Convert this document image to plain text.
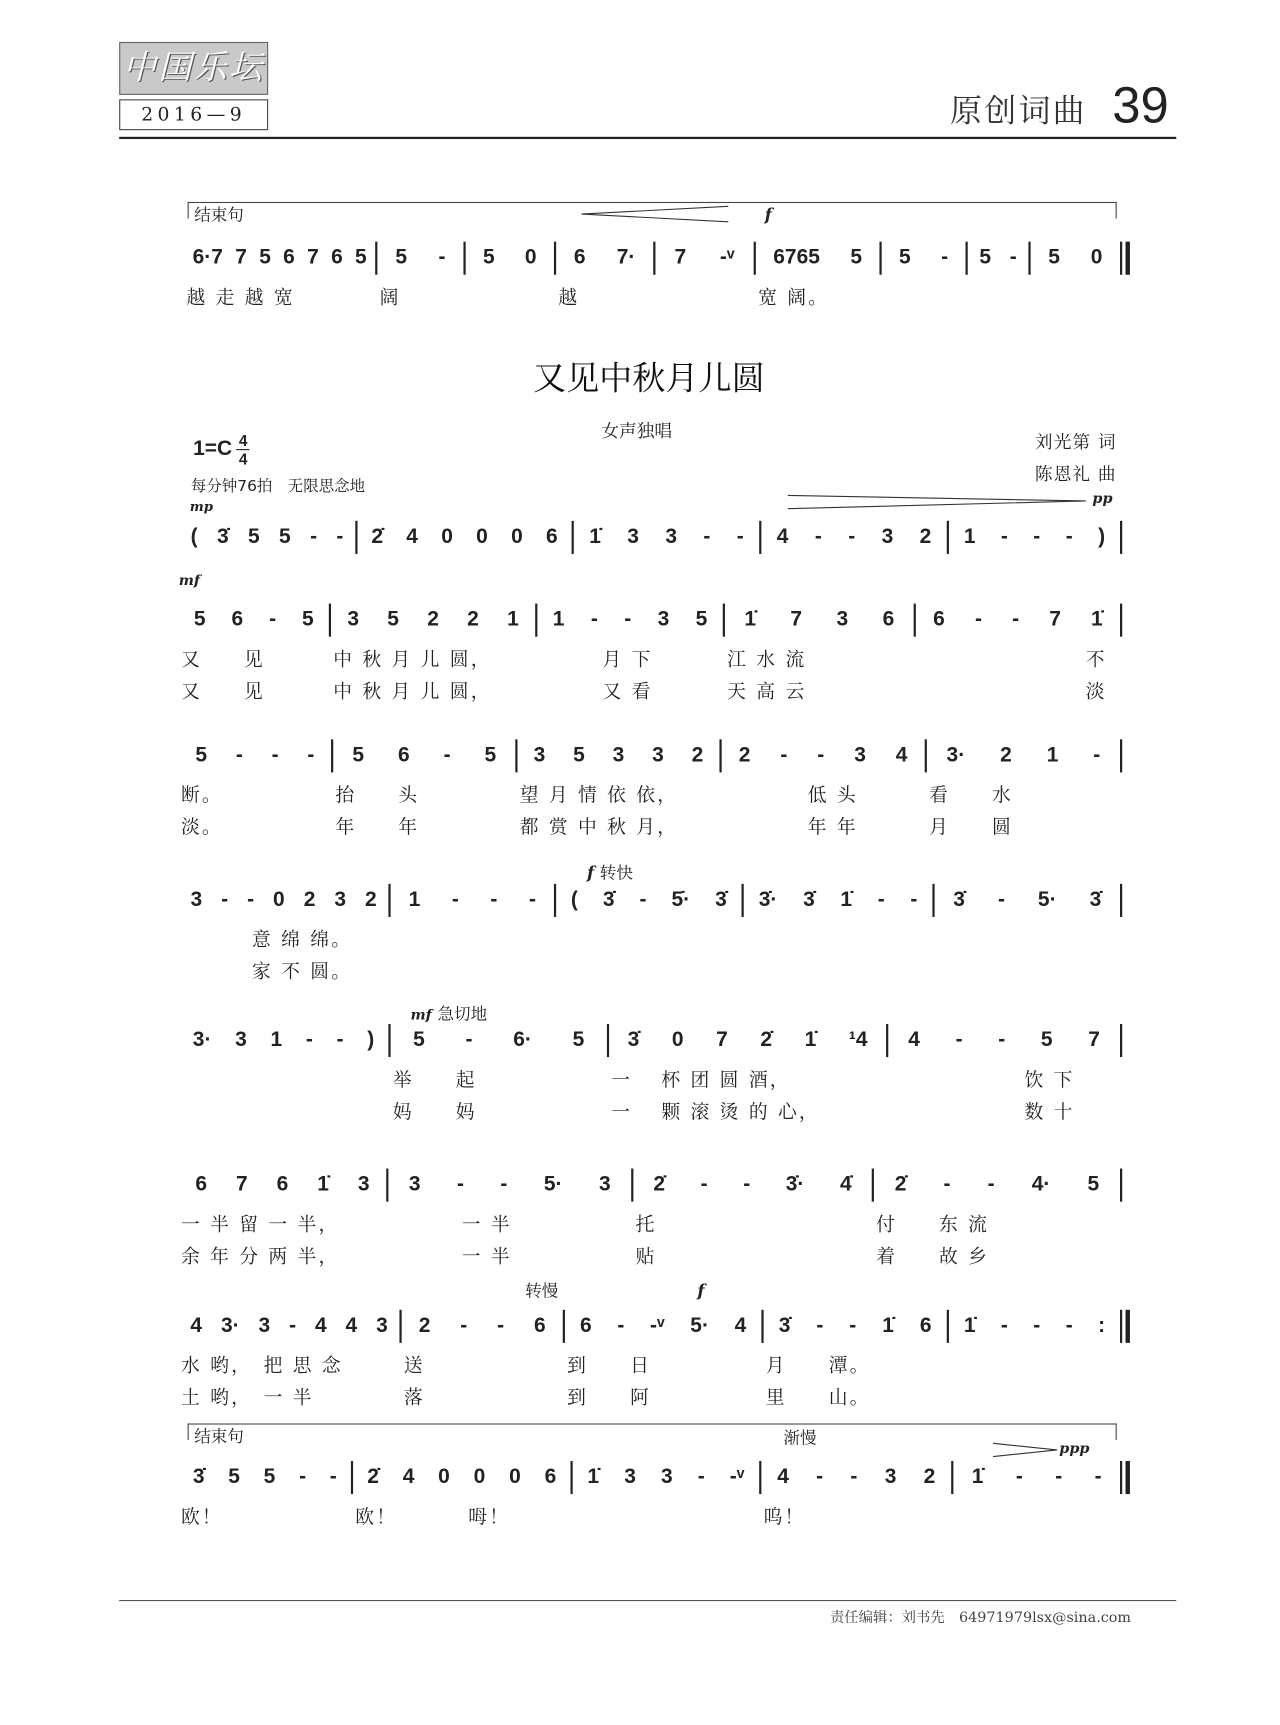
中国乐坛
2016—9	原创词曲 39
结束句	f
又见中秋月儿圆
女声独唱
$1=C \frac{4}{4}$
每分钟76拍　无限思念地
刘光第 词
陈恩礼 曲
mp	pp
mf
f 转快
mf 急切地
转慢	f
结束句	渐慢
ppp
6·7 7 5 6 7 6 5
越 走 越 宽
5 -
阔
5 0 6 7·
越
7 -ᵛ 6765 5
宽 阔。
5 - 5 - 5 0
( 3̇ 5 5 - - 2̇ 4 0 0 0 6 1̇ 3 3 - - 4 - - 3 2 1 - - - )
5 6 - 5
又　　见
又　　见
3 5 2 2 1
中 秋 月 儿 圆，
中 秋 月 儿 圆，
1 - - 3 5
　　　月 下
　　　又 看
1̇ 7 3 6
江 水 流
天 高 云
6 - - 7 1̇
　　　　　　　　不
　　　　　　　　淡
5 - - -
断。
淡。
5 6 - 5
抬　　头
年　　年
3 5 3 3 2
望 月 情 依 依，
都 赏 中 秋 月，
2 - - 3 4
　　　　低 头
　　　　年 年
3· 2 1 -
看　　水
月　　圆
3 - - 0 2 3 2
　　　 意 绵 绵。
　　　 家 不 圆。
1 - - - ( 3̇ - 5̇· 3̇ 3̇· 3̇ 1̇ - - 3̇ - 5· 3̇
3· 3 1 - - ) 5 - 6· 5
举　　起
妈　　妈
3̇ 0 7 2̇ 1̇ ¹4
一　 杯 团 圆 酒，
一　 颗 滚 烫 的 心，
4 - - 5 7
　　　　　　 饮 下
　　　　　　 数 十
6 7 6 1̇ 3
一 半 留 一 半，
余 年 分 两 半，
3 - - 5· 3
　　　 一 半
　　　 一 半
2̇ - - 3̇· 4̇
托
贴
2̇ - - 4· 5
付　　东 流
着　　故 乡
4 3· 3 - 4 4 3
水 哟，　把 思 念
土 哟，　一 半
2 - - 6
送
落
6 - -ᵛ 5· 4
到　　日
到　　阿
3̇ - - 1̇ 6
月　　潭。
里　　山。
1̇ - - - :
3̇ 5 5 - -
欧！
2̇ 4 0 0 0 6
欧！　　　 呣！
1̇ 3 3 - -ᵛ 4 - - 3 2
呜！
1̇ - - -
责任编辑：刘书先　64971979lsx@sina.com
